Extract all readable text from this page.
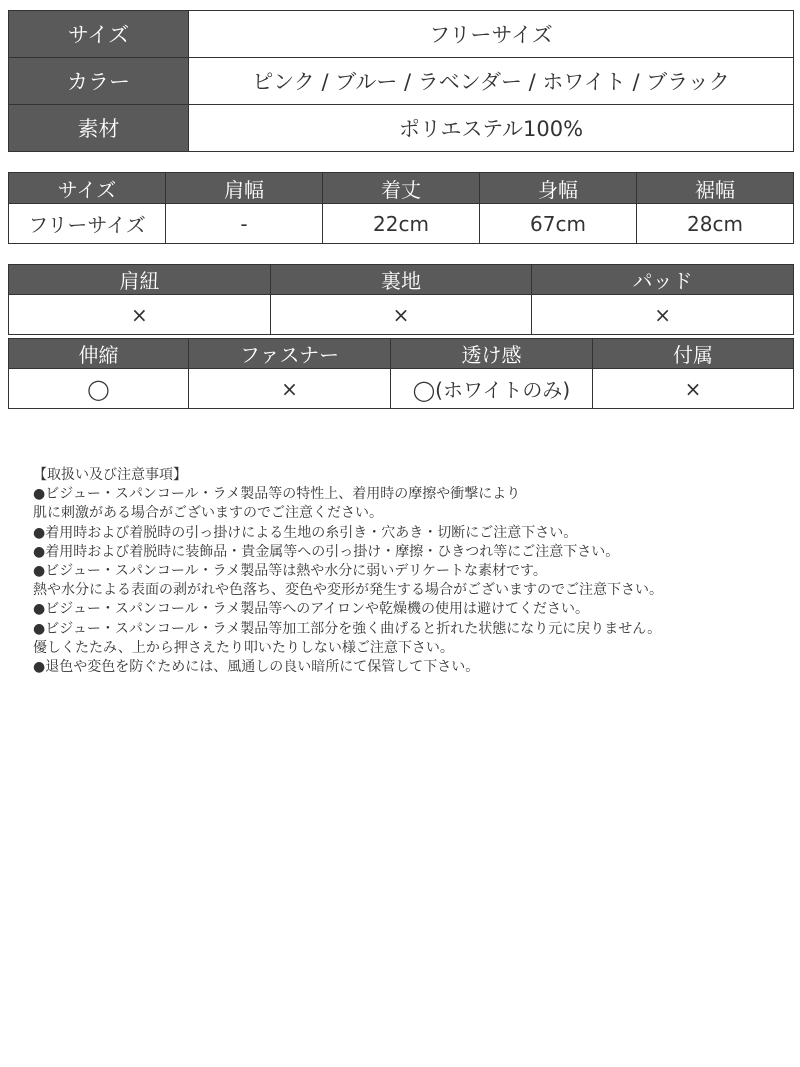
サイズ	フリーサイズ
カラー	ピンク / ブルー / ラベンダー / ホワイト / ブラック
素材	ポリエステル100%
サイズ	肩幅	着丈	身幅	裾幅
フリーサイズ	-	22cm	67cm	28cm
肩紐	裏地	パッド
×	×	×
伸縮	ファスナー	透け感	付属
◯	×	◯(ホワイトのみ)	×
【取扱い及び注意事項】
●ビジュー・スパンコール・ラメ製品等の特性上、着用時の摩擦や衝撃により
肌に刺激がある場合がございますのでご注意ください。
●着用時および着脱時の引っ掛けによる生地の糸引き・穴あき・切断にご注意下さい。
●着用時および着脱時に装飾品・貴金属等への引っ掛け・摩擦・ひきつれ等にご注意下さい。
●ビジュー・スパンコール・ラメ製品等は熱や水分に弱いデリケートな素材です。
熱や水分による表面の剥がれや色落ち、変色や変形が発生する場合がございますのでご注意下さい。
●ビジュー・スパンコール・ラメ製品等へのアイロンや乾燥機の使用は避けてください。
●ビジュー・スパンコール・ラメ製品等加工部分を強く曲げると折れた状態になり元に戻りません。
優しくたたみ、上から押さえたり叩いたりしない様ご注意下さい。
●退色や変色を防ぐためには、風通しの良い暗所にて保管して下さい。
